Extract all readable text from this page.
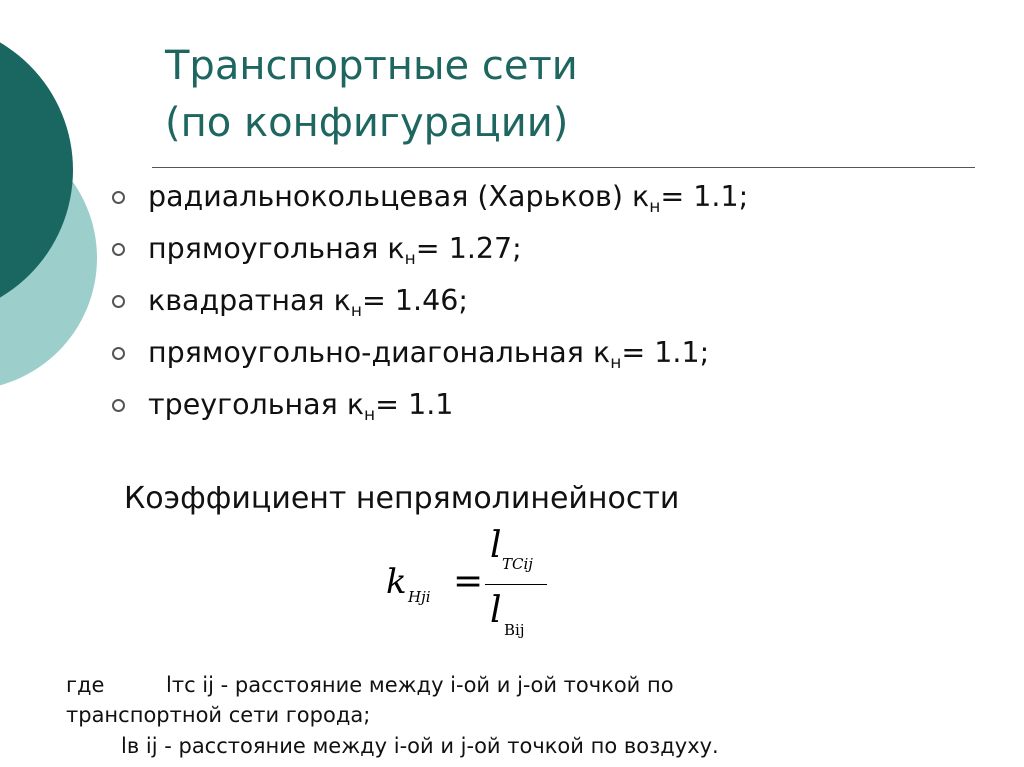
Транспортные сети
(по конфигурации)
радиальнокольцевая (Харьков) $к_н= 1.1$;
прямоугольная $к_н= 1.27$;
квадратная $к_н= 1.46$;
прямоугольно-диагональная $к_н= 1.1$;
треугольная $к_н= 1.1$
Коэффициент непрямолинейности
k Hji =
l TCij
l Bij
где	lтс ij - расстояние между i-ой и j-ой точкой по
транспортной сети города;
lв ij - расстояние между i-ой и j-ой точкой по воздуху.
